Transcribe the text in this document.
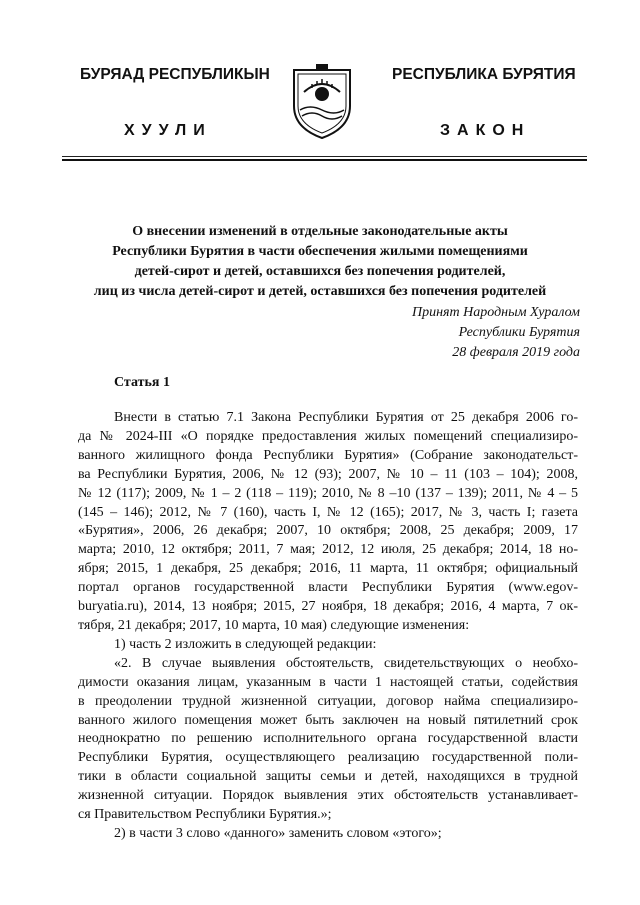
БУРЯАД РЕСПУБЛИКЫН	РЕСПУБЛИКА БУРЯТИЯ
ХУУЛИ	ЗАКОН
О внесении изменений в отдельные законодательные акты
Республики Бурятия в части обеспечения жилыми помещениями
детей-сирот и детей, оставшихся без попечения родителей,
лиц из числа детей-сирот и детей, оставшихся без попечения родителей
Принят Народным Хуралом
Республики Бурятия
28 февраля 2019 года
Статья 1
Внести в статью 7.1 Закона Республики Бурятия от 25 декабря 2006 го-
да № 2024-III «О порядке предоставления жилых помещений специализиро-
ванного жилищного фонда Республики Бурятия» (Собрание законодательст-
ва Республики Бурятия, 2006, № 12 (93); 2007, № 10 – 11 (103 – 104); 2008,
№ 12 (117); 2009, № 1 – 2 (118 – 119); 2010, № 8 –10 (137 – 139); 2011, № 4 – 5
(145 – 146); 2012, № 7 (160), часть I, № 12 (165); 2017, № 3, часть I; газета
«Бурятия», 2006, 26 декабря; 2007, 10 октября; 2008, 25 декабря; 2009, 17
марта; 2010, 12 октября; 2011, 7 мая; 2012, 12 июля, 25 декабря; 2014, 18 но-
ября; 2015, 1 декабря, 25 декабря; 2016, 11 марта, 11 октября; официальный
портал органов государственной власти Республики Бурятия (www.egov-
buryatia.ru), 2014, 13 ноября; 2015, 27 ноября, 18 декабря; 2016, 4 марта, 7 ок-
тября, 21 декабря; 2017, 10 марта, 10 мая) следующие изменения:
1) часть 2 изложить в следующей редакции:
«2. В случае выявления обстоятельств, свидетельствующих о необхо-
димости оказания лицам, указанным в части 1 настоящей статьи, содействия
в преодолении трудной жизненной ситуации, договор найма специализиро-
ванного жилого помещения может быть заключен на новый пятилетний срок
неоднократно по решению исполнительного органа государственной власти
Республики Бурятия, осуществляющего реализацию государственной поли-
тики в области социальной защиты семьи и детей, находящихся в трудной
жизненной ситуации. Порядок выявления этих обстоятельств устанавливает-
ся Правительством Республики Бурятия.»;
2) в части 3 слово «данного» заменить словом «этого»;
